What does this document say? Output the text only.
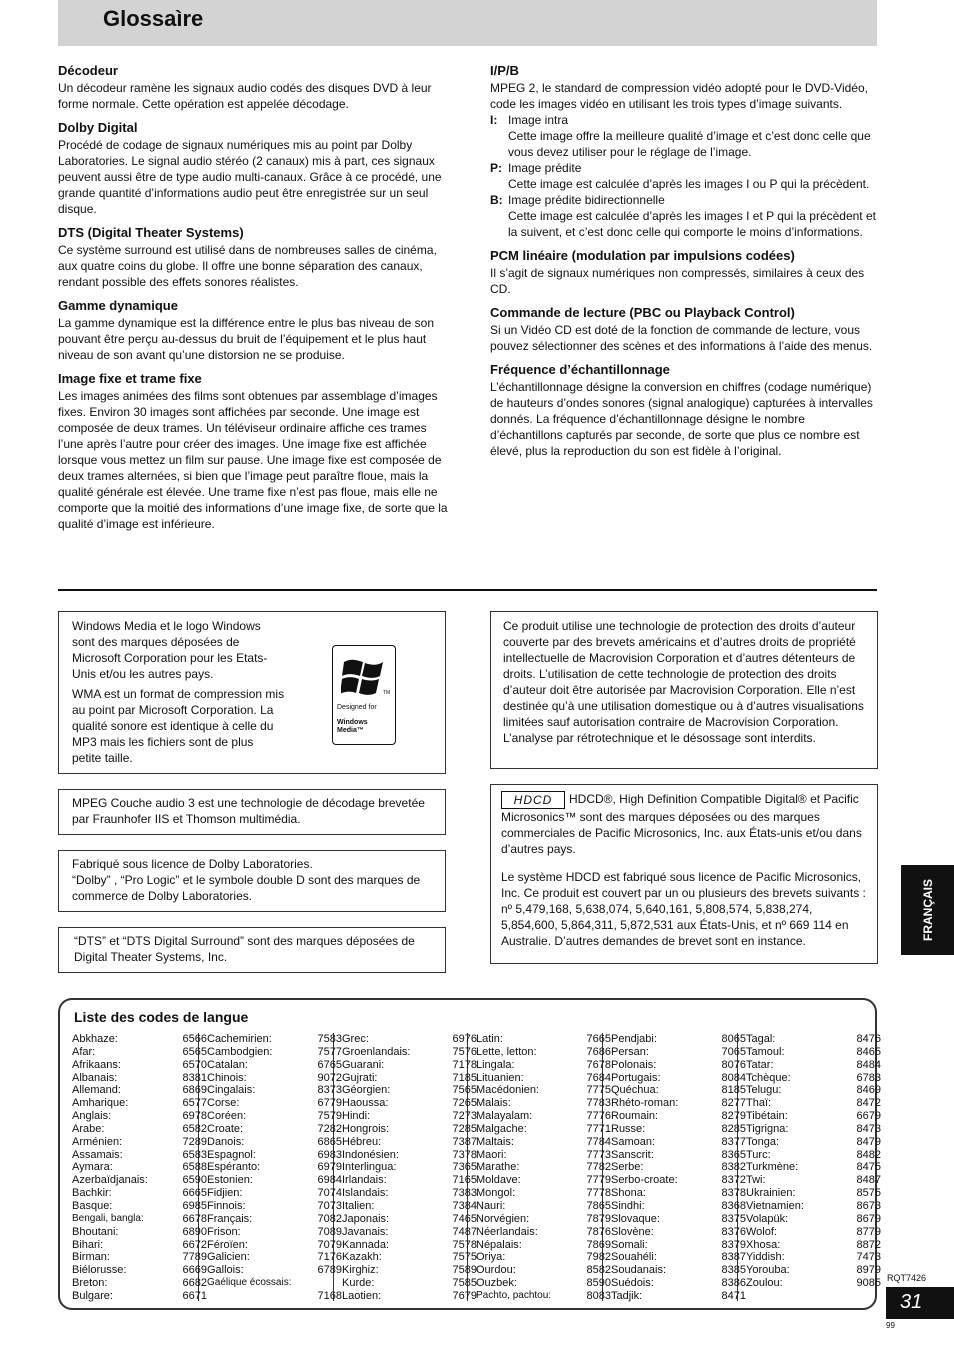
Glossaìre
Décodeur

Un décodeur ramène les signaux audio codés des disques DVD à leur forme normale. Cette opération est appelée décodage.

Dolby Digital

Procédé de codage de signaux numériques mis au point par Dolby Laboratories. Le signal audio stéréo (2 canaux) mis à part, ces signaux peuvent aussi être de type audio multi-canaux. Grâce à ce procédé, une grande quantité d’informations audio peut être enregistrée sur un seul disque.

DTS (Digital Theater Systems)

Ce système surround est utilisé dans de nombreuses salles de cinéma, aux quatre coins du globe. Il offre une bonne séparation des canaux, rendant possible des effets sonores réalistes.

Gamme dynamique

La gamme dynamique est la différence entre le plus bas niveau de son pouvant être perçu au-dessus du bruit de l’équipement et le plus haut niveau de son avant qu’une distorsion ne se produise.

Image fixe et trame fixe

Les images animées des films sont obtenues par assemblage d’images fixes. Environ 30 images sont affichées par seconde. Une image est composée de deux trames. Un téléviseur ordinaire affiche ces trames l’une après l’autre pour créer des images. Une image fixe est affichée lorsque vous mettez un film sur pause. Une image fixe est composée de deux trames alternées, si bien que l’image peut paraître floue, mais la qualité générale est élevée. Une trame fixe n’est pas floue, mais elle ne comporte que la moitié des informations d’une image fixe, de sorte que la qualité d’image est inférieure.

I/P/B

MPEG 2, le standard de compression vidéo adopté pour le DVD-Vidéo, code les images vidéo en utilisant les trois types d’image suivants.

I: Image intra
Cette image offre la meilleure qualité d’image et c’est donc celle que vous devez utiliser pour le réglage de l’image.
P: Image prédite
Cette image est calculée d’après les images I ou P qui la précèdent.
B: Image prédite bidirectionnelle
Cette image est calculée d’après les images I et P qui la précèdent et la suivent, et c’est donc celle qui comporte le moins d’informations.
PCM linéaire (modulation par impulsions codées)

Il s’agit de signaux numériques non compressés, similaires à ceux des CD.

Commande de lecture (PBC ou Playback Control)

Si un Vidéo CD est doté de la fonction de commande de lecture, vous pouvez sélectionner des scènes et des informations à l’aide des menus.

Fréquence d’échantillonnage

L’échantillonnage désigne la conversion en chiffres (codage numérique) de hauteurs d’ondes sonores (signal analogique) capturées à intervalles donnés. La fréquence d’échantillonnage désigne le nombre d’échantillons capturés par seconde, de sorte que plus ce nombre est élevé, plus la reproduction du son est fidèle à l’original.

Windows Media et le logo Windows sont des marques déposées de Microsoft Corporation pour les Etats-Unis et/ou les autres pays.

WMA est un format de compression mis au point par Microsoft Corporation. La qualité sonore est identique à celle du MP3 mais les fichiers sont de plus petite taille.

TM
Designed for
Windows
Media™

MPEG Couche audio 3 est une technologie de décodage brevetée par Fraunhofer IIS et Thomson multimédia.

Fabriqué sous licence de Dolby Laboratories.
“Dolby” , “Pro Logic” et le symbole double D sont des marques de commerce de Dolby Laboratories.

“DTS” et “DTS Digital Surround” sont des marques déposées de Digital Theater Systems, Inc.

Ce produit utilise une technologie de protection des droits d’auteur couverte par des brevets américains et d’autres droits de propriété intellectuelle de Macrovision Corporation et d’autres détenteurs de droits. L’utilisation de cette technologie de protection des droits d’auteur doit être autorisée par Macrovision Corporation. Elle n’est destinée qu’à une utilisation domestique ou à d’autres visualisations limitées sauf autorisation contraire de Macrovision Corporation. L’analyse par rétrotechnique et le désossage sont interdits.

HDCD HDCD®, High Definition Compatible Digital® et Pacific Microsonics™ sont des marques déposées ou des marques commerciales de Pacific Microsonics, Inc. aux États-unis et/ou dans d’autres pays.

Le système HDCD est fabriqué sous licence de Pacific Microsonics, Inc. Ce produit est couvert par un ou plusieurs des brevets suivants : nº 5,479,168, 5,638,074, 5,640,161, 5,808,574, 5,838,274, 5,854,600, 5,864,311, 5,872,531 aux États-Unis, et nº 669 114 en Australie. D’autres demandes de brevet sont en instance.	FRANÇAIS
Liste des codes de langue
Abkhaze:	6566
Afar:	6565
Afrikaans:	6570
Albanais:	8381
Allemand:	6869
Amharique:	6577
Anglais:	6978
Arabe:	6582
Arménien:	7289
Assamais:	6583
Aymara:	6588
Azerbaïdjanais:	6590
Bachkir:	6665
Basque:	6985
Bengali, bangla:	6678
Bhoutani:	6890
Bihari:	6672
Birman:	7789
Biélorusse:	6669
Breton:	6682
Bulgare:	6671
Cachemirien:	7583
Cambodgien:	7577
Catalan:	6765
Chinois:	9072
Cingalais:	8373
Corse:	6779
Coréen:	7579
Croate:	7282
Danois:	6865
Espagnol:	6983
Espéranto:	6979
Estonien:	6984
Fidjien:	7074
Finnois:	7073
Français:	7082
Frison:	7089
Féroïen:	7079
Galicien:	7176
Gallois:	6789
Gaélique écossais:
7168
Grec:	6976
Groenlandais:	7576
Guarani:	7178
Gujrati:	7185
Géorgien:	7565
Haoussa:	7265
Hindi:	7273
Hongrois:	7285
Hébreu:	7387
Indonésien:	7378
Interlingua:	7365
Irlandais:	7165
Islandais:	7383
Italien:	7384
Japonais:	7465
Javanais:	7487
Kannada:	7578
Kazakh:	7575
Kirghiz:	7589
Kurde:	7585
Laotien:	7679
Latin:	7665
Lette, letton:	7686
Lingala:	7678
Lituanien:	7684
Macédonien:	7775
Malais:	7783
Malayalam:	7776
Malgache:	7771
Maltais:	7784
Maori:	7773
Marathe:	7782
Moldave:	7779
Mongol:	7778
Nauri:	7865
Norvégien:	7879
Néerlandais:	7876
Népalais:	7869
Oriya:	7982
Ourdou:	8582
Ouzbek:	8590
Pachto, pachtou:	8083
Pendjabi:	8065
Persan:	7065
Polonais:	8076
Portugais:	8084
Quéchua:	8185
Rhéto-roman:	8277
Roumain:	8279
Russe:	8285
Samoan:	8377
Sanscrit:	8365
Serbe:	8382
Serbo-croate:	8372
Shona:	8378
Sindhi:	8368
Slovaque:	8375
Slovène:	8376
Somali:	8379
Souahéli:	8387
Soudanais:	8385
Suédois:	8386
Tadjik:	8471
Tagal:	8476
Tamoul:	8465
Tatar:	8484
Tchèque:	6783
Telugu:	8469
Thaï:	8472
Tibétain:	6679
Tigrigna:	8473
Tonga:	8479
Turc:	8482
Turkmène:	8475
Twi:	8487
Ukrainien:	8575
Vietnamien:	8673
Volapük:	8679
Wolof:	8779
Xhosa:	8872
Yiddish:	7473
Yorouba:	8979
Zoulou:	9085 RQT7426
31
99
